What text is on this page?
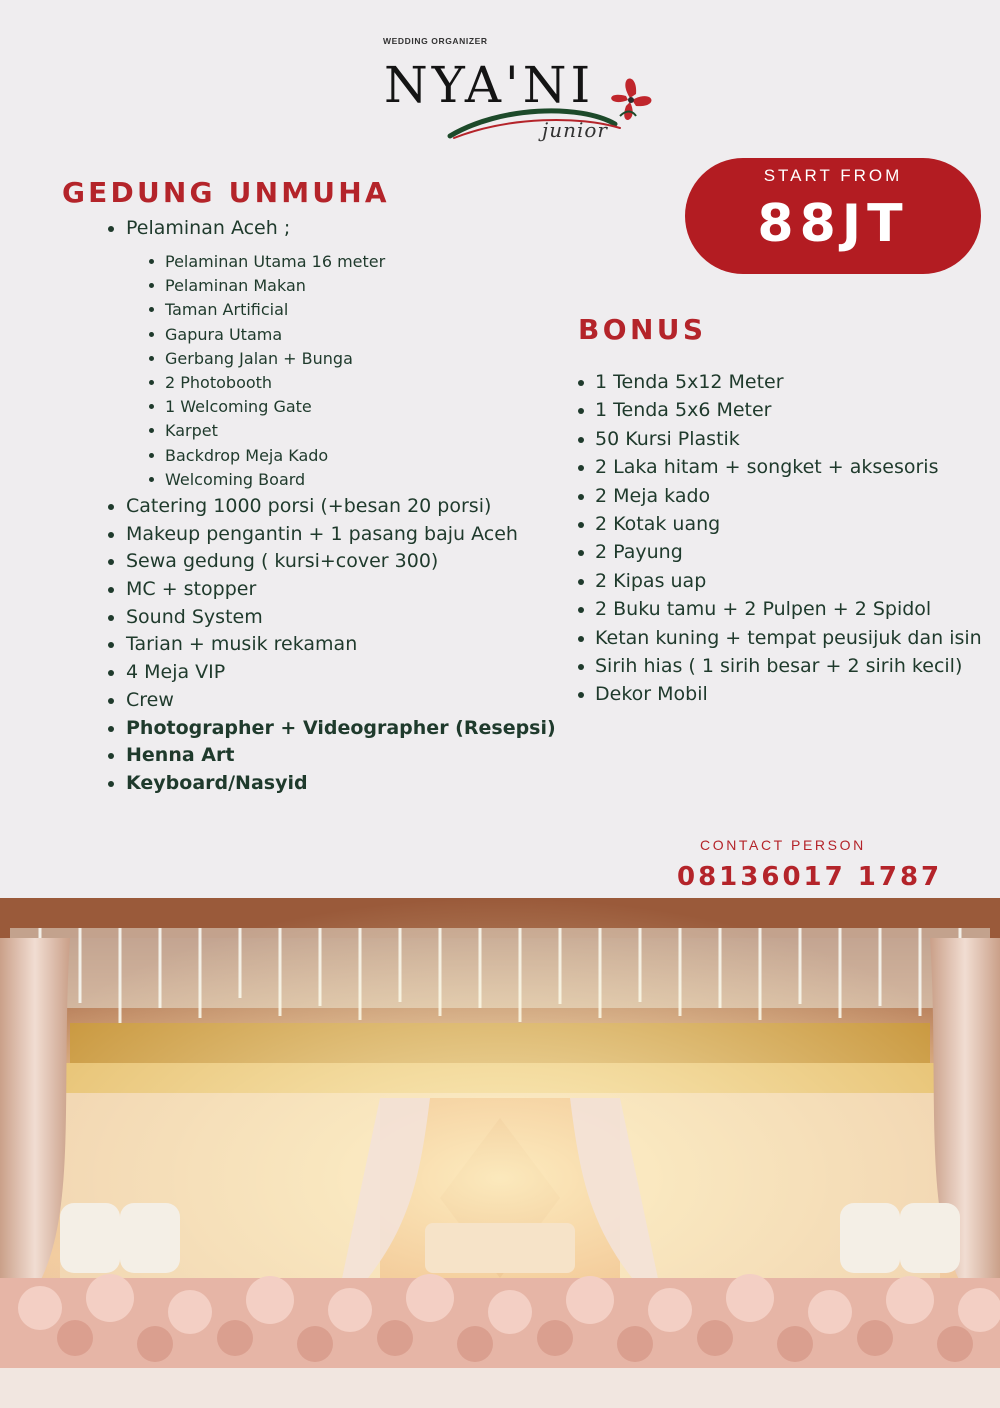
WEDDING ORGANIZER
NYA'NI
junior
GEDUNG UNMUHA
START FROM
88JT
Pelaminan Aceh ;
Pelaminan Utama 16 meter
Pelaminan Makan
Taman Artificial
Gapura Utama
Gerbang Jalan + Bunga
2 Photobooth
1 Welcoming Gate
Karpet
Backdrop Meja Kado
Welcoming Board
Catering 1000 porsi (+besan 20 porsi)
Makeup pengantin + 1 pasang baju Aceh
Sewa gedung ( kursi+cover 300)
MC + stopper
Sound System
Tarian + musik rekaman
4 Meja VIP
Crew
Photographer + Videographer (Resepsi)
Henna Art
Keyboard/Nasyid
BONUS
1 Tenda 5x12 Meter
1 Tenda 5x6 Meter
50 Kursi Plastik
2 Laka hitam + songket + aksesoris
2 Meja kado
2 Kotak uang
2 Payung
2 Kipas uap
2 Buku tamu + 2 Pulpen + 2 Spidol
Ketan kuning + tempat peusijuk dan isin
Sirih hias ( 1 sirih besar + 2 sirih kecil)
Dekor Mobil
CONTACT PERSON
08136017 1787
